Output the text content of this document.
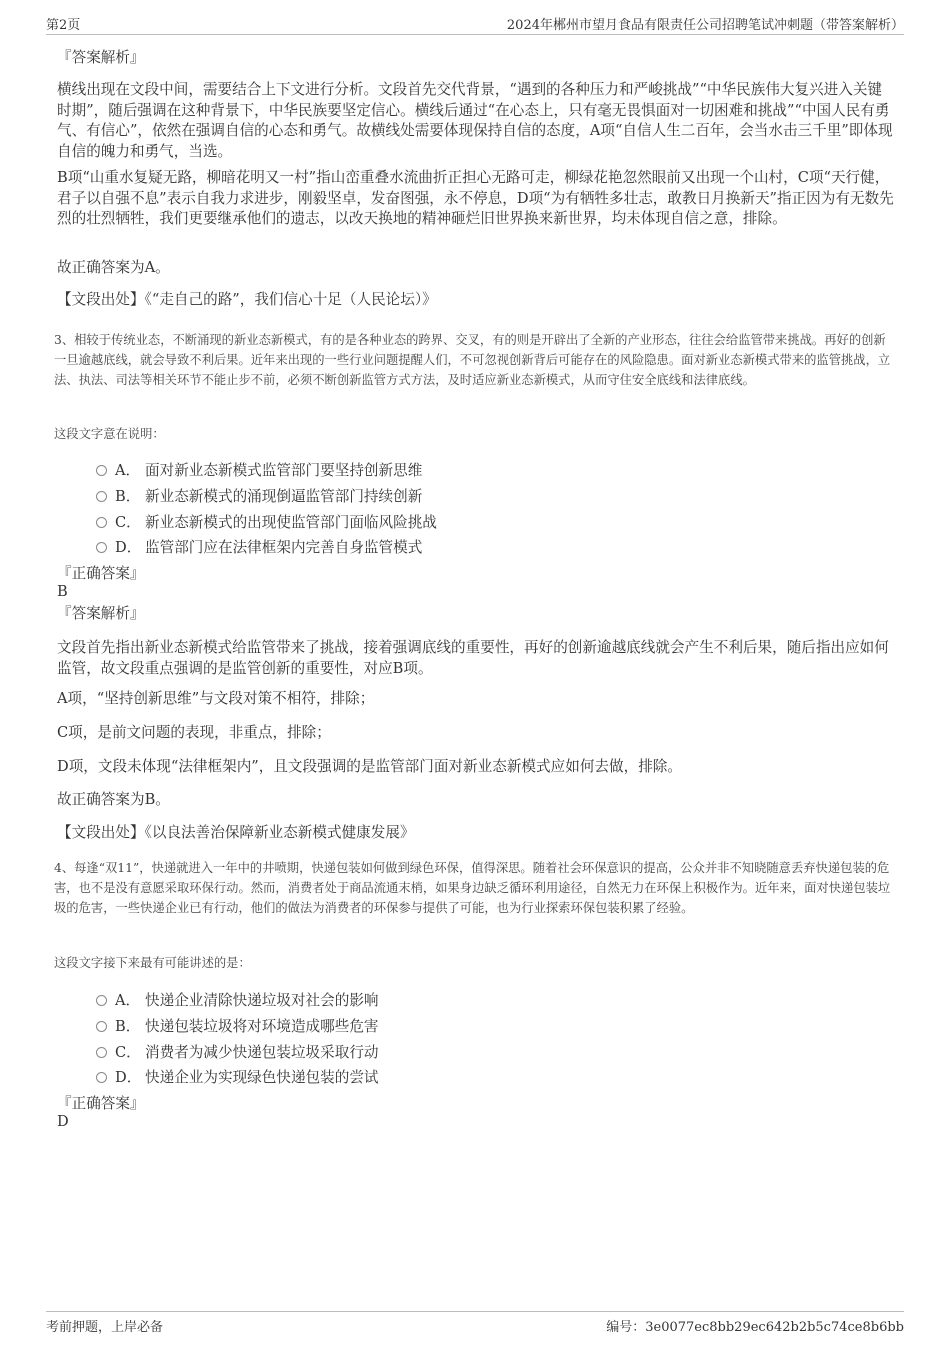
第2页	2024年郴州市望月食品有限责任公司招聘笔试冲刺题（带答案解析）
『答案解析』
横线出现在文段中间，需要结合上下文进行分析。文段首先交代背景，“遇到的各种压力和严峻挑战”“中华民族伟大复兴进入关键时期”，随后强调在这种背景下，中华民族要坚定信心。横线后通过“在心态上，只有毫无畏惧面对一切困难和挑战”“中国人民有勇气、有信心”，依然在强调自信的心态和勇气。故横线处需要体现保持自信的态度，A项“自信人生二百年，会当水击三千里”即体现自信的魄力和勇气，当选。
B项“山重水复疑无路，柳暗花明又一村”指山峦重叠水流曲折正担心无路可走，柳绿花艳忽然眼前又出现一个山村，C项“天行健，君子以自强不息”表示自我力求进步，刚毅坚卓，发奋图强，永不停息，D项“为有牺牲多壮志，敢教日月换新天”指正因为有无数先烈的壮烈牺牲，我们更要继承他们的遗志，以改天换地的精神砸烂旧世界换来新世界，均未体现自信之意，排除。
故正确答案为A。
【文段出处】《“走自己的路”，我们信心十足（人民论坛）》
3、相较于传统业态，不断涌现的新业态新模式，有的是各种业态的跨界、交叉，有的则是开辟出了全新的产业形态，往往会给监管带来挑战。再好的创新一旦逾越底线，就会导致不利后果。近年来出现的一些行业问题提醒人们，不可忽视创新背后可能存在的风险隐患。面对新业态新模式带来的监管挑战，立法、执法、司法等相关环节不能止步不前，必须不断创新监管方式方法，及时适应新业态新模式，从而守住安全底线和法律底线。
这段文字意在说明：
A． 面对新业态新模式监管部门要坚持创新思维
B． 新业态新模式的涌现倒逼监管部门持续创新
C． 新业态新模式的出现使监管部门面临风险挑战
D． 监管部门应在法律框架内完善自身监管模式
『正确答案』
B
『答案解析』
文段首先指出新业态新模式给监管带来了挑战，接着强调底线的重要性，再好的创新逾越底线就会产生不利后果，随后指出应如何监管，故文段重点强调的是监管创新的重要性，对应B项。
A项，“坚持创新思维”与文段对策不相符，排除；
C项，是前文问题的表现，非重点，排除；
D项，文段未体现“法律框架内”，且文段强调的是监管部门面对新业态新模式应如何去做，排除。
故正确答案为B。
【文段出处】《以良法善治保障新业态新模式健康发展》
4、每逢“双11”，快递就进入一年中的井喷期，快递包装如何做到绿色环保，值得深思。随着社会环保意识的提高，公众并非不知晓随意丢弃快递包装的危害，也不是没有意愿采取环保行动。然而，消费者处于商品流通末梢，如果身边缺乏循环利用途径，自然无力在环保上积极作为。近年来，面对快递包装垃圾的危害，一些快递企业已有行动，他们的做法为消费者的环保参与提供了可能，也为行业探索环保包装积累了经验。
这段文字接下来最有可能讲述的是：
A． 快递企业清除快递垃圾对社会的影响
B． 快递包装垃圾将对环境造成哪些危害
C． 消费者为减少快递包装垃圾采取行动
D． 快递企业为实现绿色快递包装的尝试
『正确答案』
D
考前押题，上岸必备	编号：3e0077ec8bb29ec642b2b5c74ce8b6bb
